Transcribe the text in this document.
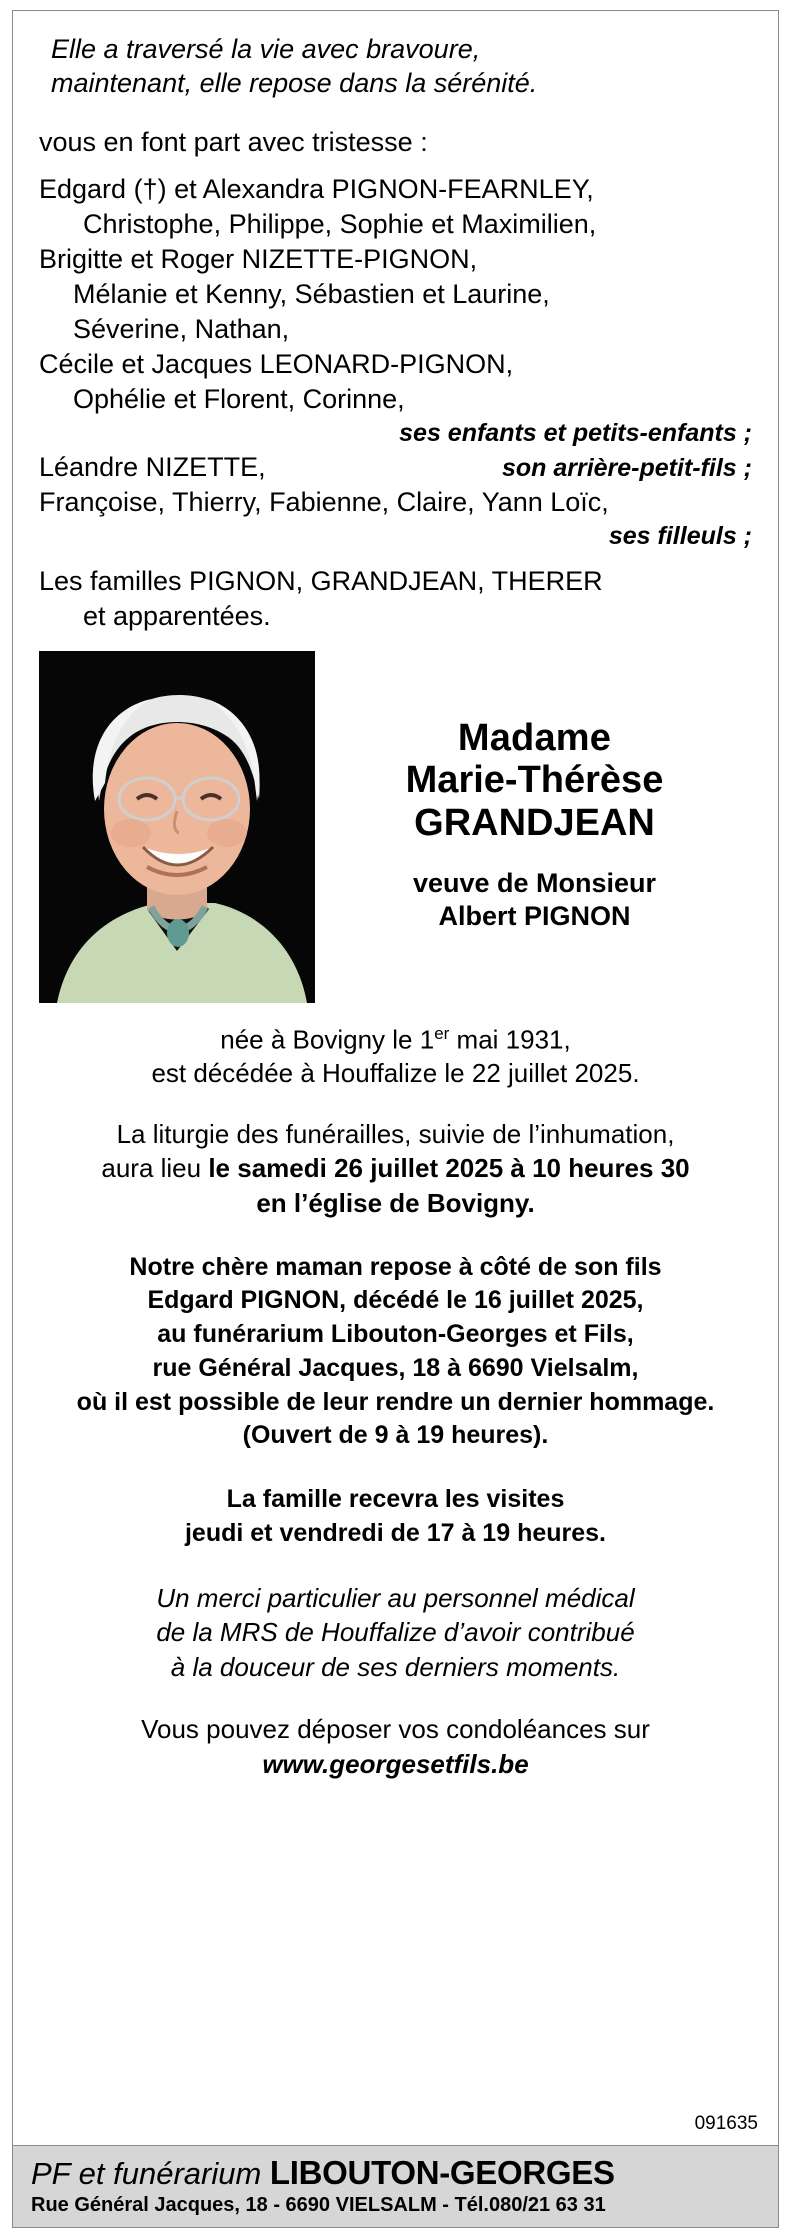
Elle a traversé la vie avec bravoure,
maintenant, elle repose dans la sérénité.
vous en font part avec tristesse :
Edgard (†) et Alexandra PIGNON-FEARNLEY,
Christophe, Philippe, Sophie et Maximilien,
Brigitte et Roger NIZETTE-PIGNON,
Mélanie et Kenny, Sébastien et Laurine,
Séverine, Nathan,
Cécile et Jacques LEONARD-PIGNON,
Ophélie et Florent, Corinne,
ses enfants et petits-enfants ;
Léandre NIZETTE,	son arrière-petit-fils ;
Françoise, Thierry, Fabienne, Claire, Yann Loïc,
ses filleuls ;
Les familles PIGNON, GRANDJEAN, THERER
et apparentées.
Madame
Marie-Thérèse
GRANDJEAN
veuve de Monsieur
Albert PIGNON
née à Bovigny le 1er mai 1931,
est décédée à Houffalize le 22 juillet 2025.
La liturgie des funérailles, suivie de l’inhumation,
aura lieu le samedi 26 juillet 2025 à 10 heures 30
en l’église de Bovigny.
Notre chère maman repose à côté de son fils
Edgard PIGNON, décédé le 16 juillet 2025,
au funérarium Libouton-Georges et Fils,
rue Général Jacques, 18 à 6690 Vielsalm,
où il est possible de leur rendre un dernier hommage.
(Ouvert de 9 à 19 heures).
La famille recevra les visites
jeudi et vendredi de 17 à 19 heures.
Un merci particulier au personnel médical
de la MRS de Houffalize d’avoir contribué
à la douceur de ses derniers moments.
Vous pouvez déposer vos condoléances sur
www.georgesetfils.be
091635
PF et funérarium LIBOUTON-GEORGES
Rue Général Jacques, 18 - 6690 VIELSALM - Tél.080/21 63 31
